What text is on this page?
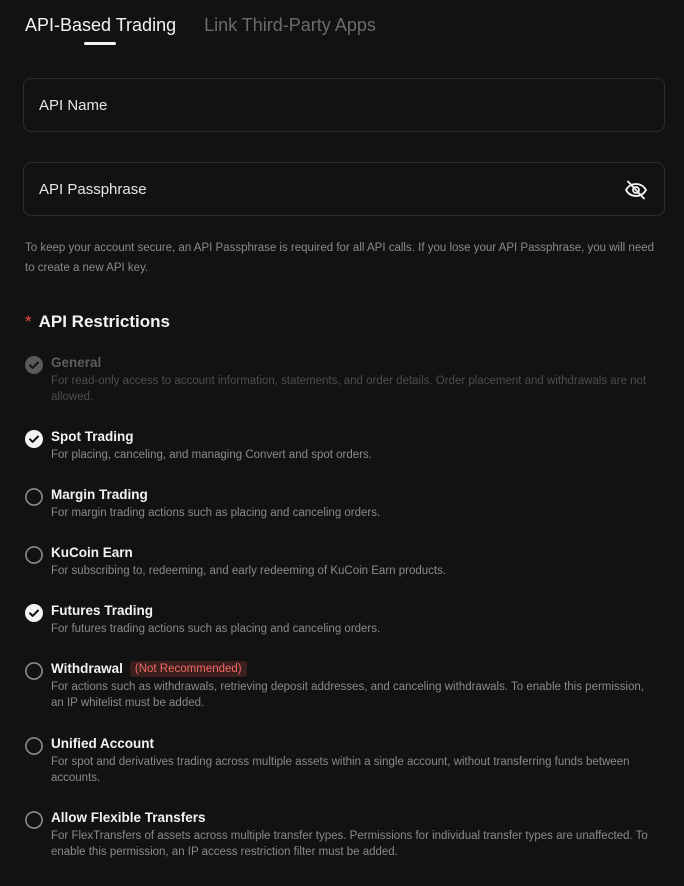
API-Based Trading Link Third-Party Apps
API Name
To keep your account secure, an API Passphrase is required for all API calls. If you lose your API Passphrase, you will need to create a new API key.
* API Restrictions
General
For read-only access to account information, statements, and order details. Order placement and withdrawals are not allowed.
Spot Trading
For placing, canceling, and managing Convert and spot orders.
Margin Trading
For margin trading actions such as placing and canceling orders.
KuCoin Earn
For subscribing to, redeeming, and early redeeming of KuCoin Earn products.
Futures Trading
For futures trading actions such as placing and canceling orders.
Withdrawal (Not Recommended)
For actions such as withdrawals, retrieving deposit addresses, and canceling withdrawals. To enable this permission, an IP whitelist must be added.
Unified Account
For spot and derivatives trading across multiple assets within a single account, without transferring funds between accounts.
Allow Flexible Transfers
For FlexTransfers of assets across multiple transfer types. Permissions for individual transfer types are unaffected. To enable this permission, an IP access restriction filter must be added.
